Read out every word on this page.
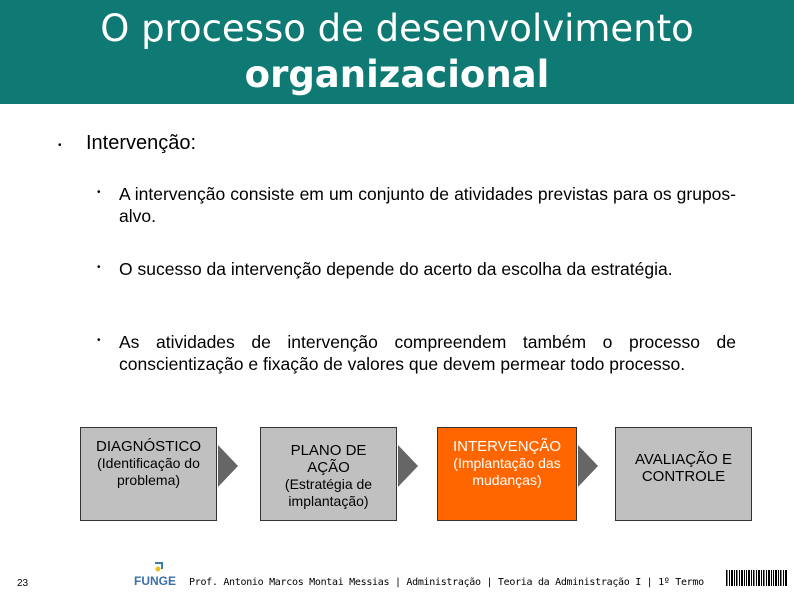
O processo de desenvolvimento
organizacional
• Intervenção:
• A intervenção consiste em um conjunto de atividades previstas para os grupos-alvo.
• O sucesso da intervenção depende do acerto da escolha da estratégia.
• As atividades de intervenção compreendem também o processo de conscientização e fixação de valores que devem permear todo processo.
DIAGNÓSTICO
(Identificação do problema)
PLANO DE AÇÃO
(Estratégia de implantação)
INTERVENÇÃO
(Implantação das mudanças)
AVALIAÇÃO E CONTROLE
23	FUNGE Prof. Antonio Marcos Montai Messias | Administração | Teoria da Administração I | 1º Termo
